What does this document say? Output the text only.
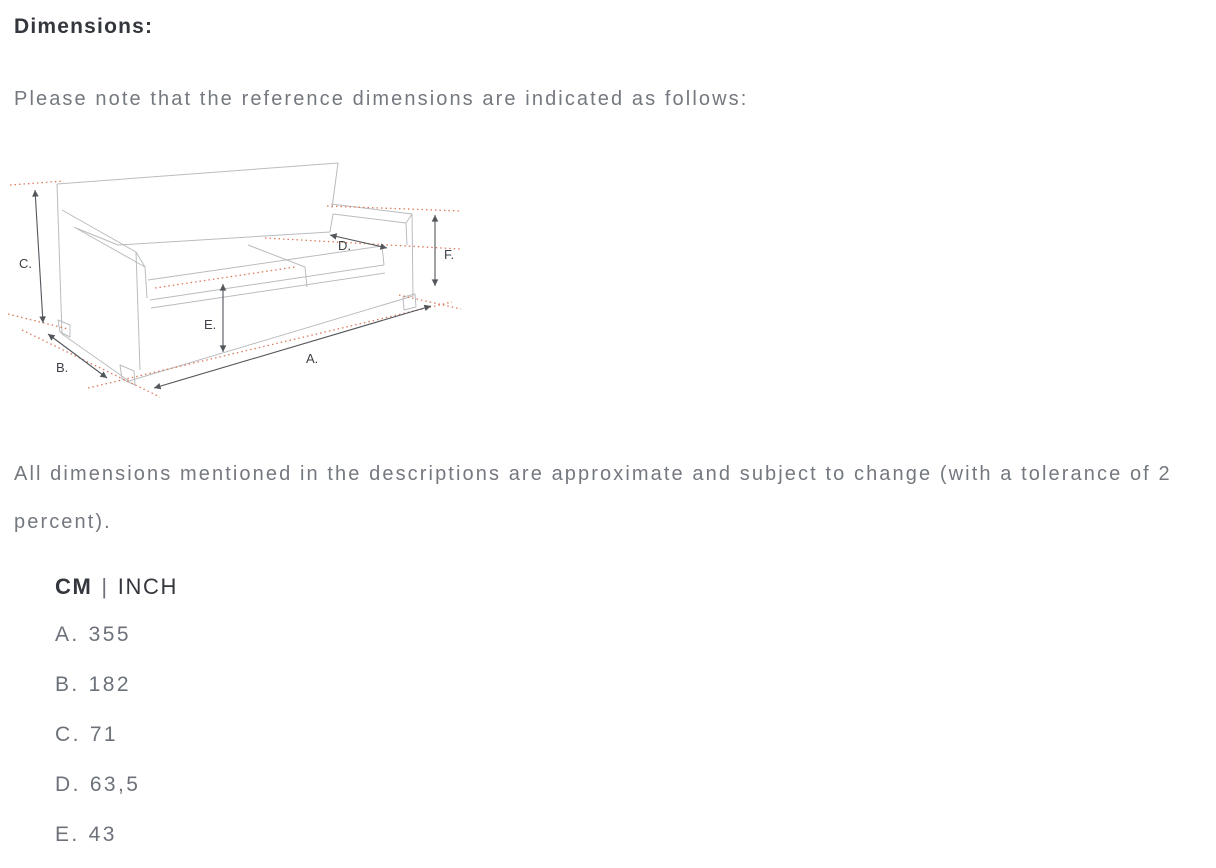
Dimensions:

Please note that the reference dimensions are indicated as follows:

C.
B.
A.
D.
E.
F.

All dimensions mentioned in the descriptions are approximate and subject to change (with a tolerance of 2 percent).

CM | INCH
A. 355
B. 182
C. 71
D. 63,5
E. 43
